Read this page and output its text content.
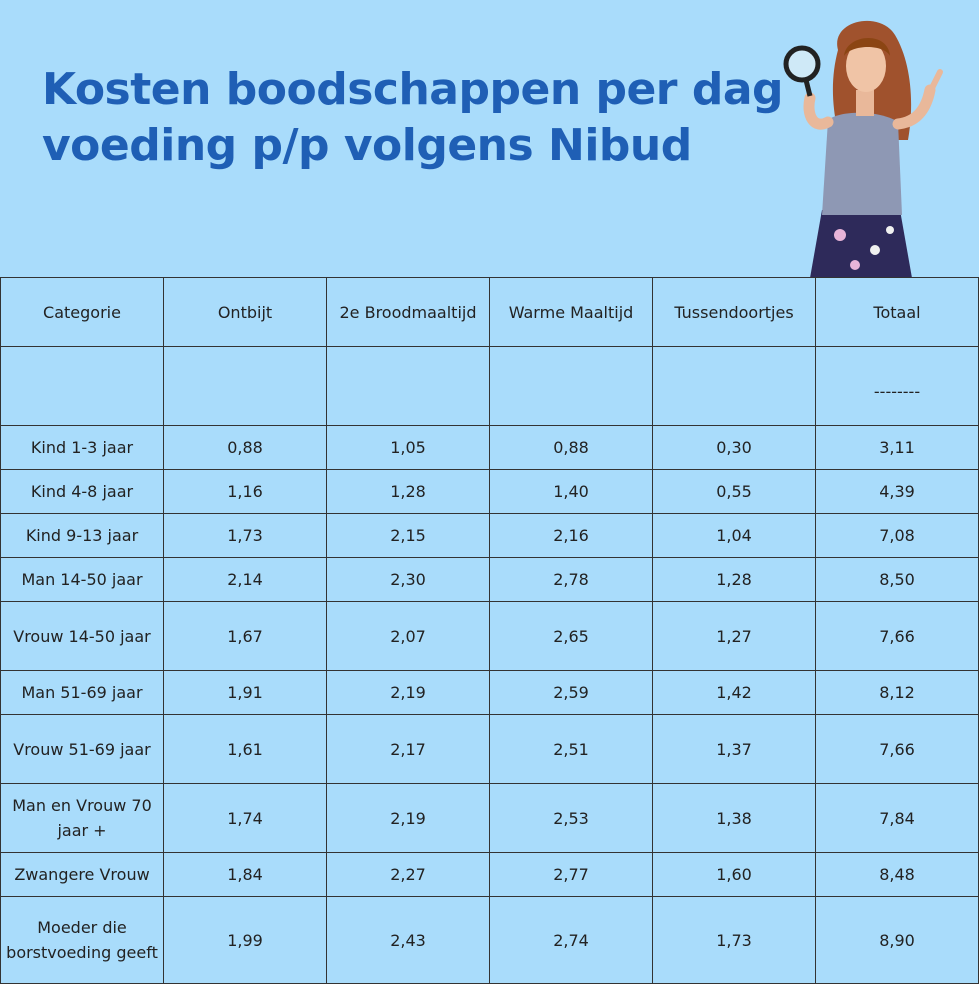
Kosten boodschappen per dag
voeding p/p volgens Nibud
Categorie	Ontbijt	2e Broodmaaltijd	Warme Maaltijd	Tussendoortjes	Totaal
					--------
Kind 1-3 jaar	0,88	1,05	0,88	0,30	3,11
Kind 4-8 jaar	1,16	1,28	1,40	0,55	4,39
Kind 9-13 jaar	1,73	2,15	2,16	1,04	7,08
Man 14-50 jaar	2,14	2,30	2,78	1,28	8,50
Vrouw 14-50 jaar	1,67	2,07	2,65	1,27	7,66
Man 51-69 jaar	1,91	2,19	2,59	1,42	8,12
Vrouw 51-69 jaar	1,61	2,17	2,51	1,37	7,66
Man en Vrouw 70 jaar +	1,74	2,19	2,53	1,38	7,84
Zwangere Vrouw	1,84	2,27	2,77	1,60	8,48
Moeder die borstvoeding geeft	1,99	2,43	2,74	1,73	8,90
